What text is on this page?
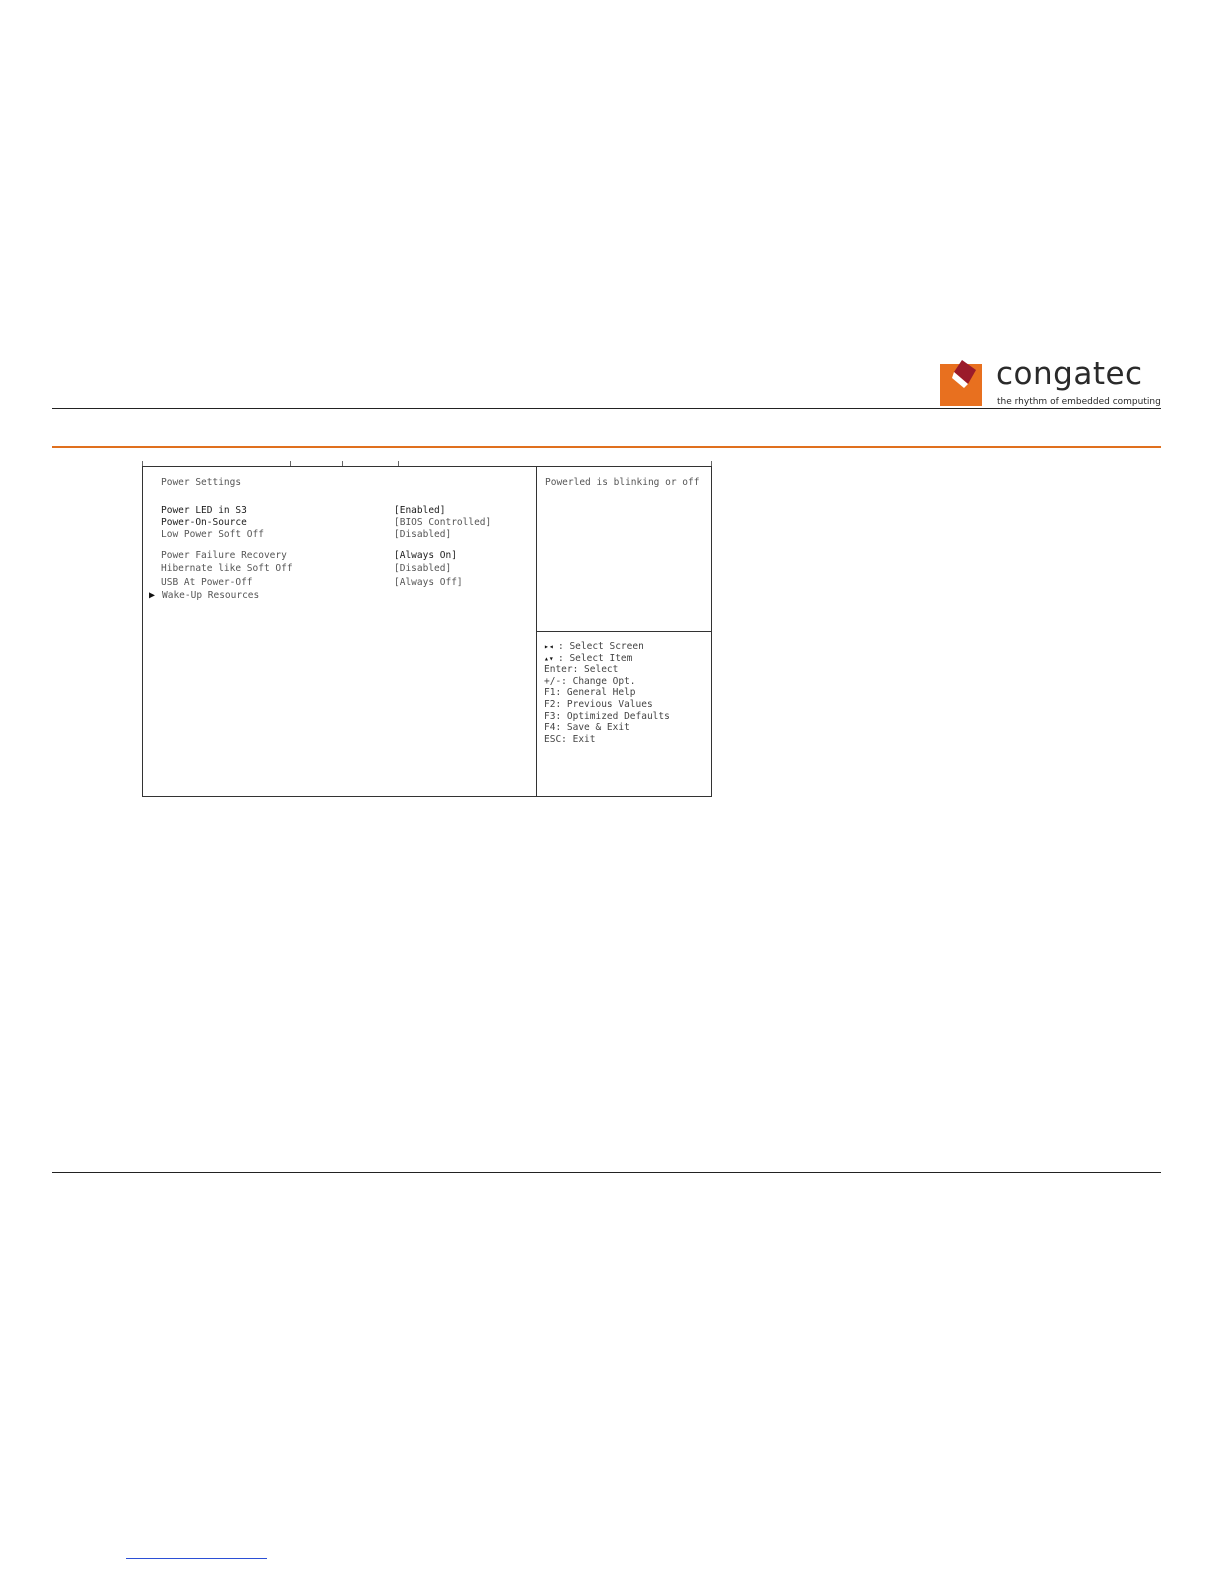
congatec
the rhythm of embedded computing
Power Settings
Power LED in S3	[Enabled]
Power-On-Source	[BIOS Controlled]
Low Power Soft Off	[Disabled]
Power Failure Recovery	[Always On]
Hibernate like Soft Off	[Disabled]
USB At Power-Off	[Always Off]
▶ Wake-Up Resources
Powerled is blinking or off
▸◂ : Select Screen
▴▾ : Select Item
Enter: Select
+/-: Change Opt.
F1: General Help
F2: Previous Values
F3: Optimized Defaults
F4: Save & Exit
ESC: Exit
